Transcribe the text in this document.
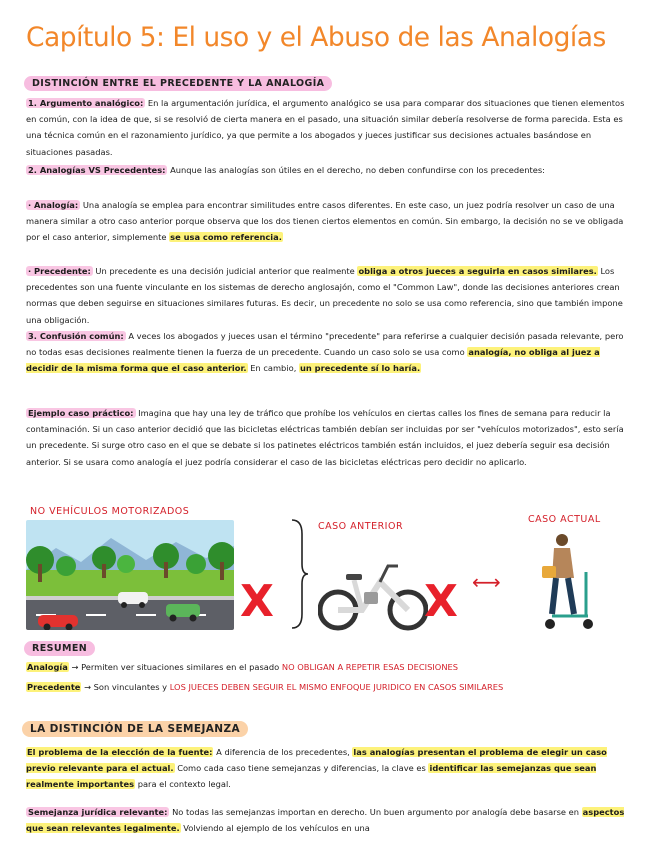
Capítulo 5: El uso y el Abuso de las Analogías
DISTINCIÓN ENTRE EL PRECEDENTE Y LA ANALOGÍA
1. Argumento analógico: En la argumentación jurídica, el argumento analógico se usa para comparar dos situaciones que tienen elementos en común, con la idea de que, si se resolvió de cierta manera en el pasado, una situación similar debería resolverse de forma parecida. Esta es una técnica común en el razonamiento jurídico, ya que permite a los abogados y jueces justificar sus decisiones actuales basándose en situaciones pasadas.
2. Analogías VS Precedentes: Aunque las analogías son útiles en el derecho, no deben confundirse con los precedentes:
· Analogía: Una analogía se emplea para encontrar similitudes entre casos diferentes. En este caso, un juez podría resolver un caso de una manera similar a otro caso anterior porque observa que los dos tienen ciertos elementos en común. Sin embargo, la decisión no se ve obligada por el caso anterior, simplemente se usa como referencia.
· Precedente: Un precedente es una decisión judicial anterior que realmente obliga a otros jueces a seguirla en casos similares. Los precedentes son una fuente vinculante en los sistemas de derecho anglosajón, como el "Common Law", donde las decisiones anteriores crean normas que deben seguirse en situaciones similares futuras. Es decir, un precedente no solo se usa como referencia, sino que también impone una obligación.
3. Confusión común: A veces los abogados y jueces usan el término "precedente" para referirse a cualquier decisión pasada relevante, pero no todas esas decisiones realmente tienen la fuerza de un precedente. Cuando un caso solo se usa como analogía, no obliga al juez a decidir de la misma forma que el caso anterior. En cambio, un precedente sí lo haría.
Ejemplo caso práctico: Imagina que hay una ley de tráfico que prohíbe los vehículos en ciertas calles los fines de semana para reducir la contaminación. Si un caso anterior decidió que las bicicletas eléctricas también debían ser incluidas por ser "vehículos motorizados", esto sería un precedente. Si surge otro caso en el que se debate si los patinetes eléctricos también están incluidos, el juez debería seguir esa decisión anterior. Si se usara como analogía el juez podría considerar el caso de las bicicletas eléctricas pero decidir no aplicarlo.
NO VEHÍCULOS MOTORIZADOS
CASO ANTERIOR
CASO ACTUAL
X	X ⟷
RESUMEN
Analogía → Permiten ver situaciones similares en el pasado NO OBLIGAN A REPETIR ESAS DECISIONES
Precedente → Son vinculantes y LOS JUECES DEBEN SEGUIR EL MISMO ENFOQUE JURIDICO EN CASOS SIMILARES
LA DISTINCIÓN DE LA SEMEJANZA
El problema de la elección de la fuente: A diferencia de los precedentes, las analogías presentan el problema de elegir un caso previo relevante para el actual. Como cada caso tiene semejanzas y diferencias, la clave es identificar las semejanzas que sean realmente importantes para el contexto legal.
Semejanza jurídica relevante: No todas las semejanzas importan en derecho. Un buen argumento por analogía debe basarse en aspectos que sean relevantes legalmente. Volviendo al ejemplo de los vehículos en una
